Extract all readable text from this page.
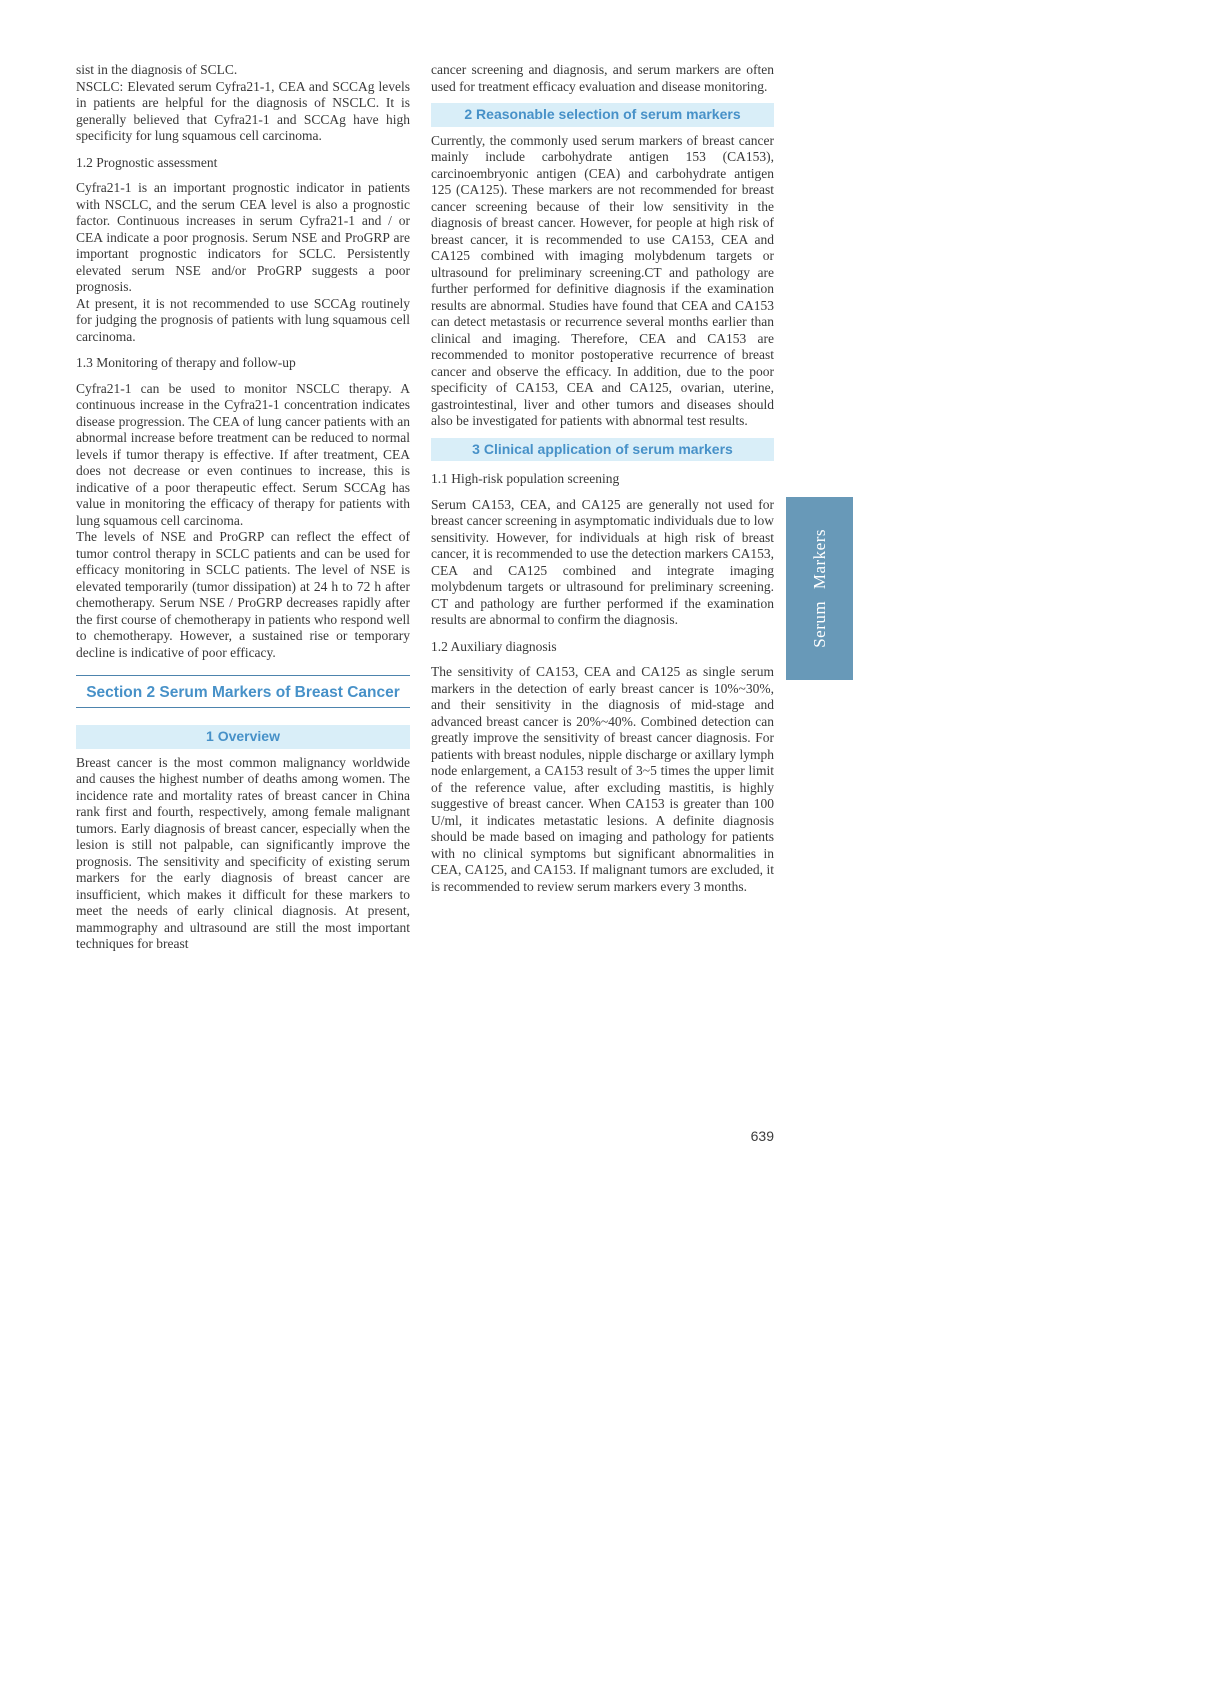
sist in the diagnosis of SCLC.
NSCLC: Elevated serum Cyfra21-1, CEA and SCCAg levels in patients are helpful for the diagnosis of NSCLC. It is generally believed that Cyfra21-1 and SCCAg have high specificity for lung squamous cell carcinoma.
1.2 Prognostic assessment
Cyfra21-1 is an important prognostic indicator in patients with NSCLC, and the serum CEA level is also a prognostic factor. Continuous increases in serum Cyfra21-1 and / or CEA indicate a poor prognosis. Serum NSE and ProGRP are important prognostic indicators for SCLC. Persistently elevated serum NSE and/or ProGRP suggests a poor prognosis.
At present, it is not recommended to use SCCAg routinely for judging the prognosis of patients with lung squamous cell carcinoma.
1.3 Monitoring of therapy and follow-up
Cyfra21-1 can be used to monitor NSCLC therapy. A continuous increase in the Cyfra21-1 concentration indicates disease progression. The CEA of lung cancer patients with an abnormal increase before treatment can be reduced to normal levels if tumor therapy is effective. If after treatment, CEA does not decrease or even continues to increase, this is indicative of a poor therapeutic effect. Serum SCCAg has value in monitoring the efficacy of therapy for patients with lung squamous cell carcinoma.
The levels of NSE and ProGRP can reflect the effect of tumor control therapy in SCLC patients and can be used for efficacy monitoring in SCLC patients. The level of NSE is elevated temporarily (tumor dissipation) at 24 h to 72 h after chemotherapy. Serum NSE / ProGRP decreases rapidly after the first course of chemotherapy in patients who respond well to chemotherapy. However, a sustained rise or temporary decline is indicative of poor efficacy.
Section 2 Serum Markers of Breast Cancer
1 Overview
Breast cancer is the most common malignancy worldwide and causes the highest number of deaths among women. The incidence rate and mortality rates of breast cancer in China rank first and fourth, respectively, among female malignant tumors. Early diagnosis of breast cancer, especially when the lesion is still not palpable, can significantly improve the prognosis. The sensitivity and specificity of existing serum markers for the early diagnosis of breast cancer are insufficient, which makes it difficult for these markers to meet the needs of early clinical diagnosis. At present, mammography and ultrasound are still the most important techniques for breast
cancer screening and diagnosis, and serum markers are often used for treatment efficacy evaluation and disease monitoring.
2 Reasonable selection of serum markers
Currently, the commonly used serum markers of breast cancer mainly include carbohydrate antigen 153 (CA153), carcinoembryonic antigen (CEA) and carbohydrate antigen 125 (CA125). These markers are not recommended for breast cancer screening because of their low sensitivity in the diagnosis of breast cancer. However, for people at high risk of breast cancer, it is recommended to use CA153, CEA and CA125 combined with imaging molybdenum targets or ultrasound for preliminary screening.CT and pathology are further performed for definitive diagnosis if the examination results are abnormal. Studies have found that CEA and CA153 can detect metastasis or recurrence several months earlier than clinical and imaging. Therefore, CEA and CA153 are recommended to monitor postoperative recurrence of breast cancer and observe the efficacy. In addition, due to the poor specificity of CA153, CEA and CA125, ovarian, uterine, gastrointestinal, liver and other tumors and diseases should also be investigated for patients with abnormal test results.
3 Clinical application of serum markers
1.1 High-risk population screening
Serum CA153, CEA, and CA125 are generally not used for breast cancer screening in asymptomatic individuals due to low sensitivity. However, for individuals at high risk of breast cancer, it is recommended to use the detection markers CA153, CEA and CA125 combined and integrate imaging molybdenum targets or ultrasound for preliminary screening. CT and pathology are further performed if the examination results are abnormal to confirm the diagnosis.
1.2 Auxiliary diagnosis
The sensitivity of CA153, CEA and CA125 as single serum markers in the detection of early breast cancer is 10%~30%, and their sensitivity in the diagnosis of mid-stage and advanced breast cancer is 20%~40%. Combined detection can greatly improve the sensitivity of breast cancer diagnosis. For patients with breast nodules, nipple discharge or axillary lymph node enlargement, a CA153 result of 3~5 times the upper limit of the reference value, after excluding mastitis, is highly suggestive of breast cancer. When CA153 is greater than 100 U/ml, it indicates metastatic lesions. A definite diagnosis should be made based on imaging and pathology for patients with no clinical symptoms but significant abnormalities in CEA, CA125, and CA153. If malignant tumors are excluded, it is recommended to review serum markers every 3 months.
Serum Markers
639
